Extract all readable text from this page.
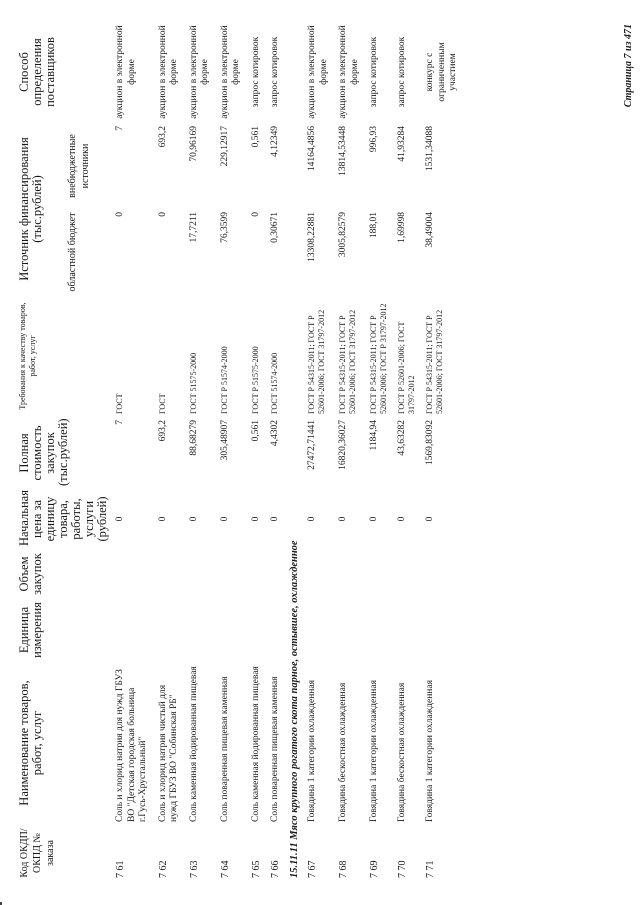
Код ОКДП/ ОКПД № заказа	Наименование товаров, работ, услуг	Единица измерения	Объем закупок	Начальная цена за единицу товара, работы, услуги (рублей)	Полная стоимость закупок (тыс.рублей)	Требования к качеству товаров, работ, услуг	Источник финансирования (тыс.рублей)		Способ определения поставщиков
							областной бюджет	внебюджетные источники	
7 61	Соль и хлорид натрия для нужд ГБУЗ ВО "Детская городская больница г.Гусь-Хрустальный"			0	7	ГОСТ	0	7	аукцион в электронной форме
7 62	Соль и хлорид натрия чистый для нужд ГБУЗ ВО "Собинская РБ"			0	693,2	ГОСТ	0	693,2	аукцион в электронной форме
7 63	Соль каменная йодированная пищевая			0	88,68279	ГОСТ 51575-2000	17,7211	70,96169	аукцион в электронной форме
7 64	Соль поваренная пищевая каменная			0	305,48907	ГОСТ Р 51574-2000	76,3599	229,12917	аукцион в электронной форме
7 65	Соль каменная йодированная пищевая			0	0,561	ГОСТ Р 51575-2000	0	0,561	запрос котировок
7 66	Соль поваренная пищевая каменная			0	4,4302	ГОСТ 51574-2000	0,30671	4,12349	запрос котировок
15.11.11 Мясо крупного рогатого скота парное, остывшее, охлажденное									
7 67	Говядина 1 категории охлажденная			0	27472,71441	ГОСТ Р 54315-2011; ГОСТ Р 52601-2006; ГОСТ 31797-2012	13308,22881	14164,4856	аукцион в электронной форме
7 68	Говядина бескостная охлажденная			0	16820,36027	ГОСТ Р 54315-2011; ГОСТ Р 52601-2006; ГОСТ 31797-2012	3005,82579	13814,53448	аукцион в электронной форме
7 69	Говядина 1 категории охлажденная			0	1184,94	ГОСТ Р 54315-2011; ГОСТ Р 52601-2006; ГОСТ Р 31797-2012	188,01	996,93	запрос котировок
7 70	Говядина бескостная охлажденная			0	43,63282	ГОСТ Р 52601-2006; ГОСТ 31797-2012	1,69998	41,93284	запрос котировок
7 71	Говядина 1 категории охлажденная			0	1569,83092	ГОСТ Р 54315-2011; ГОСТ Р 52601-2006; ГОСТ 31797-2012	38,49004	1531,34088	конкурс с ограниченным участием	Страница 7 из 471
